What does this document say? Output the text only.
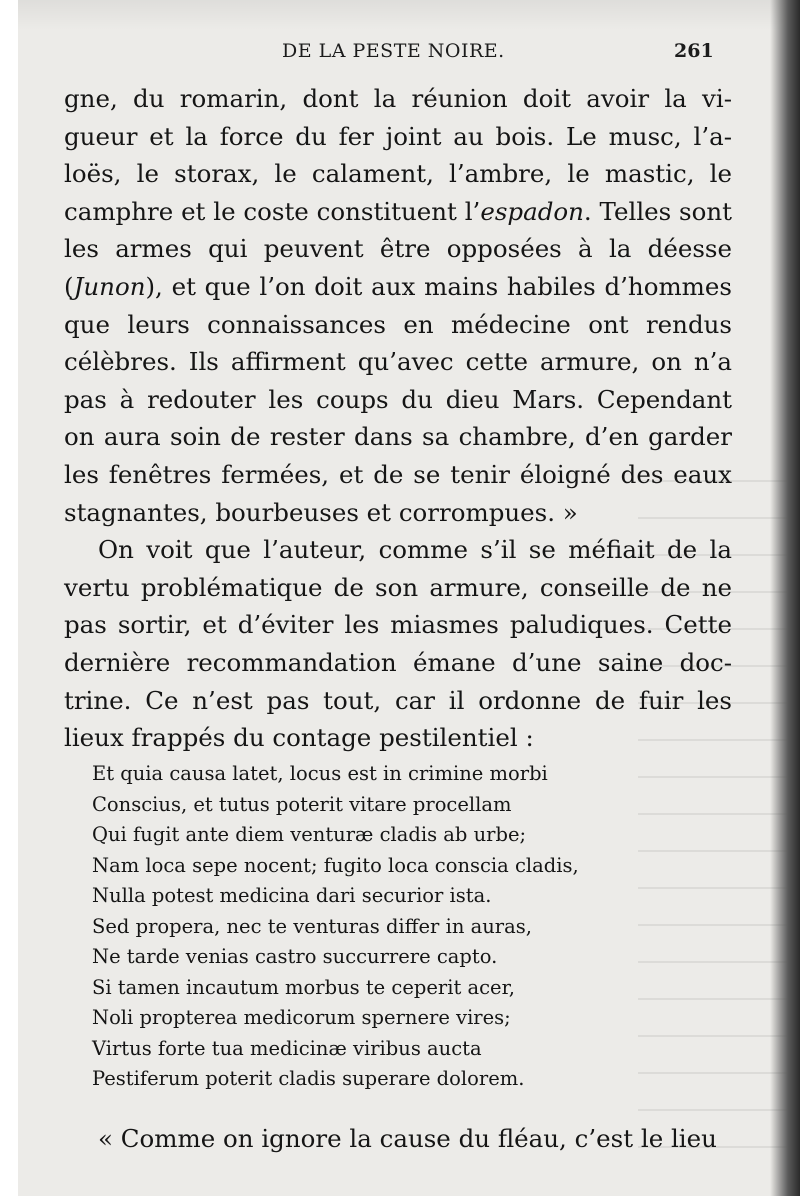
DE LA PESTE NOIRE.	261
gne, du romarin, dont la réunion doit avoir la vi-
gueur et la force du fer joint au bois. Le musc, l’a-
loës, le storax, le calament, l’ambre, le mastic, le
camphre et le coste constituent l’espadon. Telles sont
les armes qui peuvent être opposées à la déesse
(Junon), et que l’on doit aux mains habiles d’hommes
que leurs connaissances en médecine ont rendus
célèbres. Ils affirment qu’avec cette armure, on n’a
pas à redouter les coups du dieu Mars. Cependant
on aura soin de rester dans sa chambre, d’en garder
les fenêtres fermées, et de se tenir éloigné des eaux
stagnantes, bourbeuses et corrompues. »
On voit que l’auteur, comme s’il se méfiait de la
vertu problématique de son armure, conseille de ne
pas sortir, et d’éviter les miasmes paludiques. Cette
dernière recommandation émane d’une saine doc-
trine. Ce n’est pas tout, car il ordonne de fuir les
lieux frappés du contage pestilentiel :
Et quia causa latet, locus est in crimine morbi
Conscius, et tutus poterit vitare procellam
Qui fugit ante diem venturæ cladis ab urbe;
Nam loca sepe nocent; fugito loca conscia cladis,
Nulla potest medicina dari securior ista.
Sed propera, nec te venturas differ in auras,
Ne tarde venias castro succurrere capto.
Si tamen incautum morbus te ceperit acer,
Noli propterea medicorum spernere vires;
Virtus forte tua medicinæ viribus aucta
Pestiferum poterit cladis superare dolorem.
« Comme on ignore la cause du fléau, c’est le lieu
